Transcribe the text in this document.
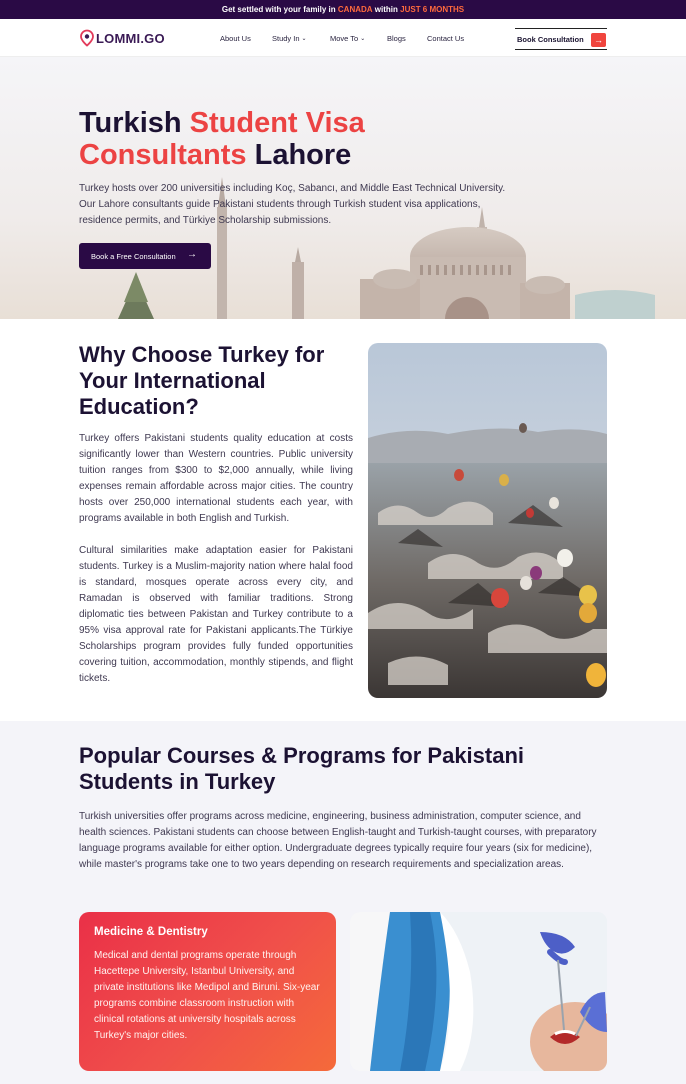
Get settled with your family in CANADA within JUST 6 MONTHS
LOMMI.GO	About Us	Study In ⌄	Move To ⌄	Blogs	Contact Us	Book Consultation	→
Turkish Student Visa
Consultants Lahore

Turkey hosts over 200 universities including Koç, Sabancı, and Middle East Technical University. Our Lahore consultants guide Pakistani students through Turkish student visa applications, residence permits, and Türkiye Scholarship submissions.

Book a Free Consultation →
Why Choose Turkey for Your International Education?

Turkey offers Pakistani students quality education at costs significantly lower than Western countries. Public university tuition ranges from $300 to $2,000 annually, while living expenses remain affordable across major cities. The country hosts over 250,000 international students each year, with programs available in both English and Turkish.

Cultural similarities make adaptation easier for Pakistani students. Turkey is a Muslim-majority nation where halal food is standard, mosques operate across every city, and Ramadan is observed with familiar traditions. Strong diplomatic ties between Pakistan and Turkey contribute to a 95% visa approval rate for Pakistani applicants.The Türkiye Scholarships program provides fully funded opportunities covering tuition, accommodation, monthly stipends, and flight tickets.

Popular Courses & Programs for Pakistani Students in Turkey

Turkish universities offer programs across medicine, engineering, business administration, computer science, and health sciences. Pakistani students can choose between English-taught and Turkish-taught courses, with preparatory language programs available for either option. Undergraduate degrees typically require four years (six for medicine), while master's programs take one to two years depending on research requirements and specialization areas.

Medicine & Dentistry

Medical and dental programs operate through Hacettepe University, Istanbul University, and private institutions like Medipol and Biruni. Six-year programs combine classroom instruction with clinical rotations at university hospitals across Turkey's major cities.
